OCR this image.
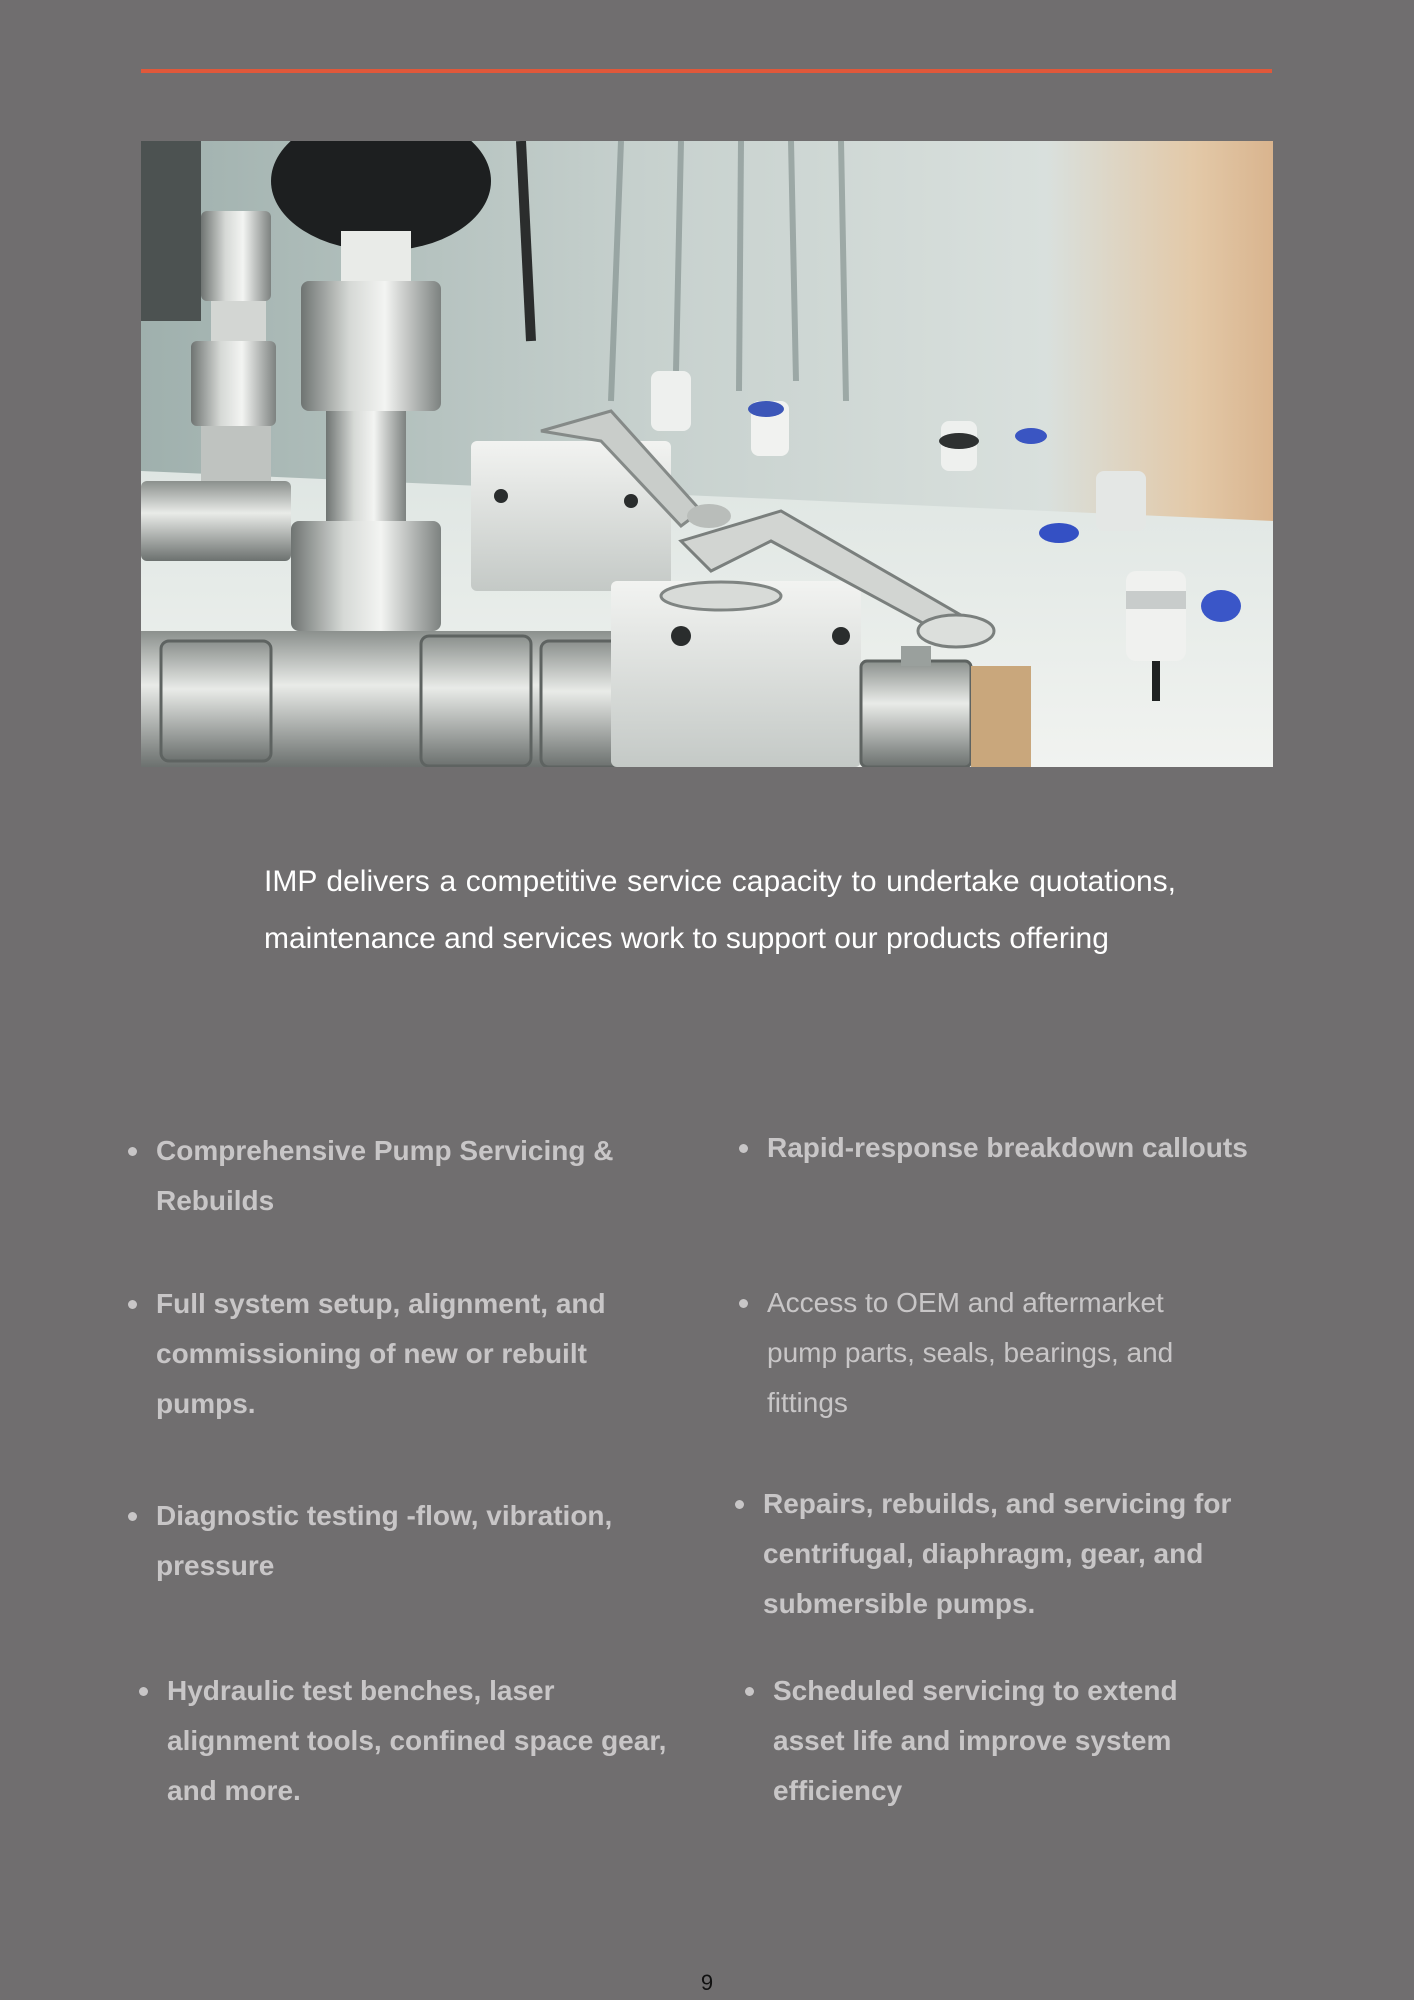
IMP delivers a competitive service capacity to undertake quotations, maintenance and services work to support our products offering

Comprehensive Pump Servicing & Rebuilds
Rapid-response breakdown callouts
Full system setup, alignment, and commissioning of new or rebuilt pumps.
Access to OEM and aftermarket pump parts, seals, bearings, and fittings
Diagnostic testing -flow, vibration, pressure
Repairs, rebuilds, and servicing for centrifugal, diaphragm, gear, and submersible pumps.
Hydraulic test benches, laser alignment tools, confined space gear, and more.
Scheduled servicing to extend asset life and improve system efficiency
9
